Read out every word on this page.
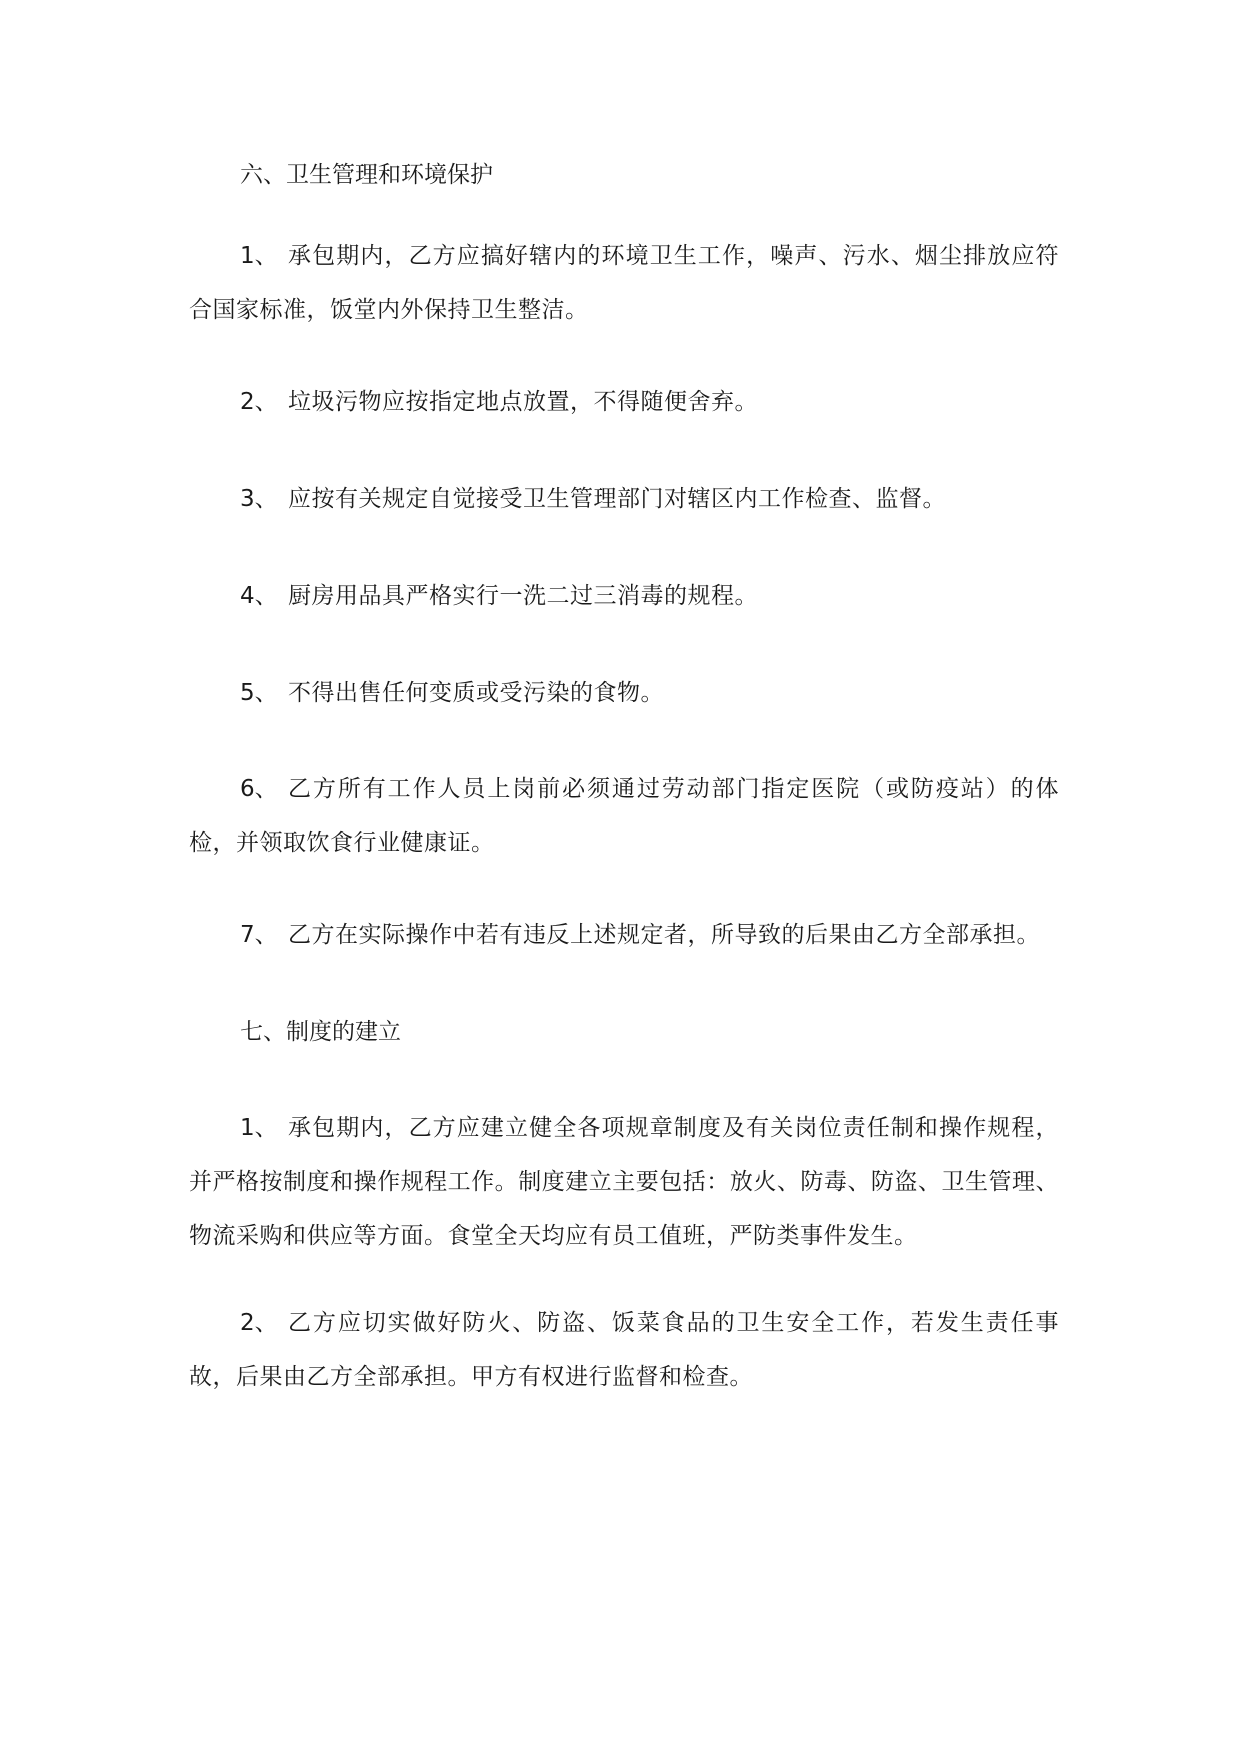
六、卫生管理和环境保护
1、 承包期内，乙方应搞好辖内的环境卫生工作，噪声、污水、烟尘排放应符合国家标准，饭堂内外保持卫生整洁。
2、 垃圾污物应按指定地点放置，不得随便舍弃。
3、 应按有关规定自觉接受卫生管理部门对辖区内工作检查、监督。
4、 厨房用品具严格实行一洗二过三消毒的规程。
5、 不得出售任何变质或受污染的食物。
6、 乙方所有工作人员上岗前必须通过劳动部门指定医院（或防疫站）的体检，并领取饮食行业健康证。
7、 乙方在实际操作中若有违反上述规定者，所导致的后果由乙方全部承担。
七、制度的建立
1、 承包期内，乙方应建立健全各项规章制度及有关岗位责任制和操作规程，并严格按制度和操作规程工作。制度建立主要包括：放火、防毒、防盗、卫生管理、物流采购和供应等方面。食堂全天均应有员工值班，严防类事件发生。
2、 乙方应切实做好防火、防盗、饭菜食品的卫生安全工作，若发生责任事故，后果由乙方全部承担。甲方有权进行监督和检查。
